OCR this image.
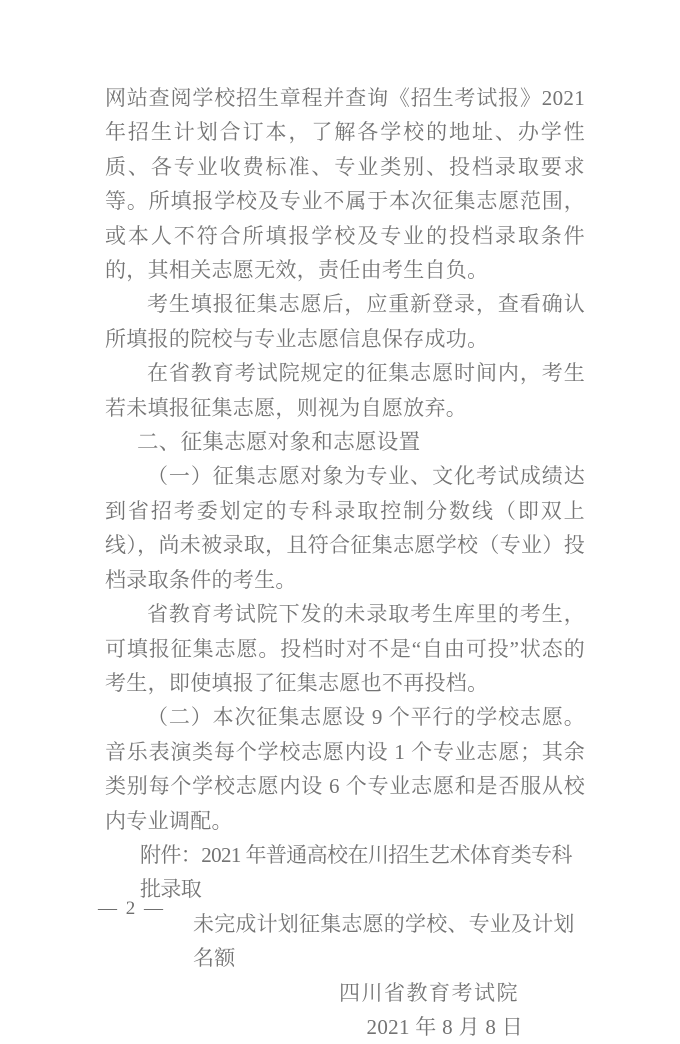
网站查阅学校招生章程并查询《招生考试报》2021 年招生计划合订本，了解各学校的地址、办学性质、各专业收费标准、专业类别、投档录取要求等。所填报学校及专业不属于本次征集志愿范围，或本人不符合所填报学校及专业的投档录取条件的，其相关志愿无效，责任由考生自负。

考生填报征集志愿后，应重新登录，查看确认所填报的院校与专业志愿信息保存成功。

在省教育考试院规定的征集志愿时间内，考生若未填报征集志愿，则视为自愿放弃。

二、征集志愿对象和志愿设置

（一）征集志愿对象为专业、文化考试成绩达到省招考委划定的专科录取控制分数线（即双上线），尚未被录取，且符合征集志愿学校（专业）投档录取条件的考生。

省教育考试院下发的未录取考生库里的考生，可填报征集志愿。投档时对不是“自由可投”状态的考生，即使填报了征集志愿也不再投档。

（二）本次征集志愿设 9 个平行的学校志愿。音乐表演类每个学校志愿内设 1 个专业志愿；其余类别每个学校志愿内设 6 个专业志愿和是否服从校内专业调配。

附件：2021 年普通高校在川招生艺术体育类专科批录取

未完成计划征集志愿的学校、专业及计划名额

四川省教育考试院

2021 年 8 月 8 日

— 2 —
